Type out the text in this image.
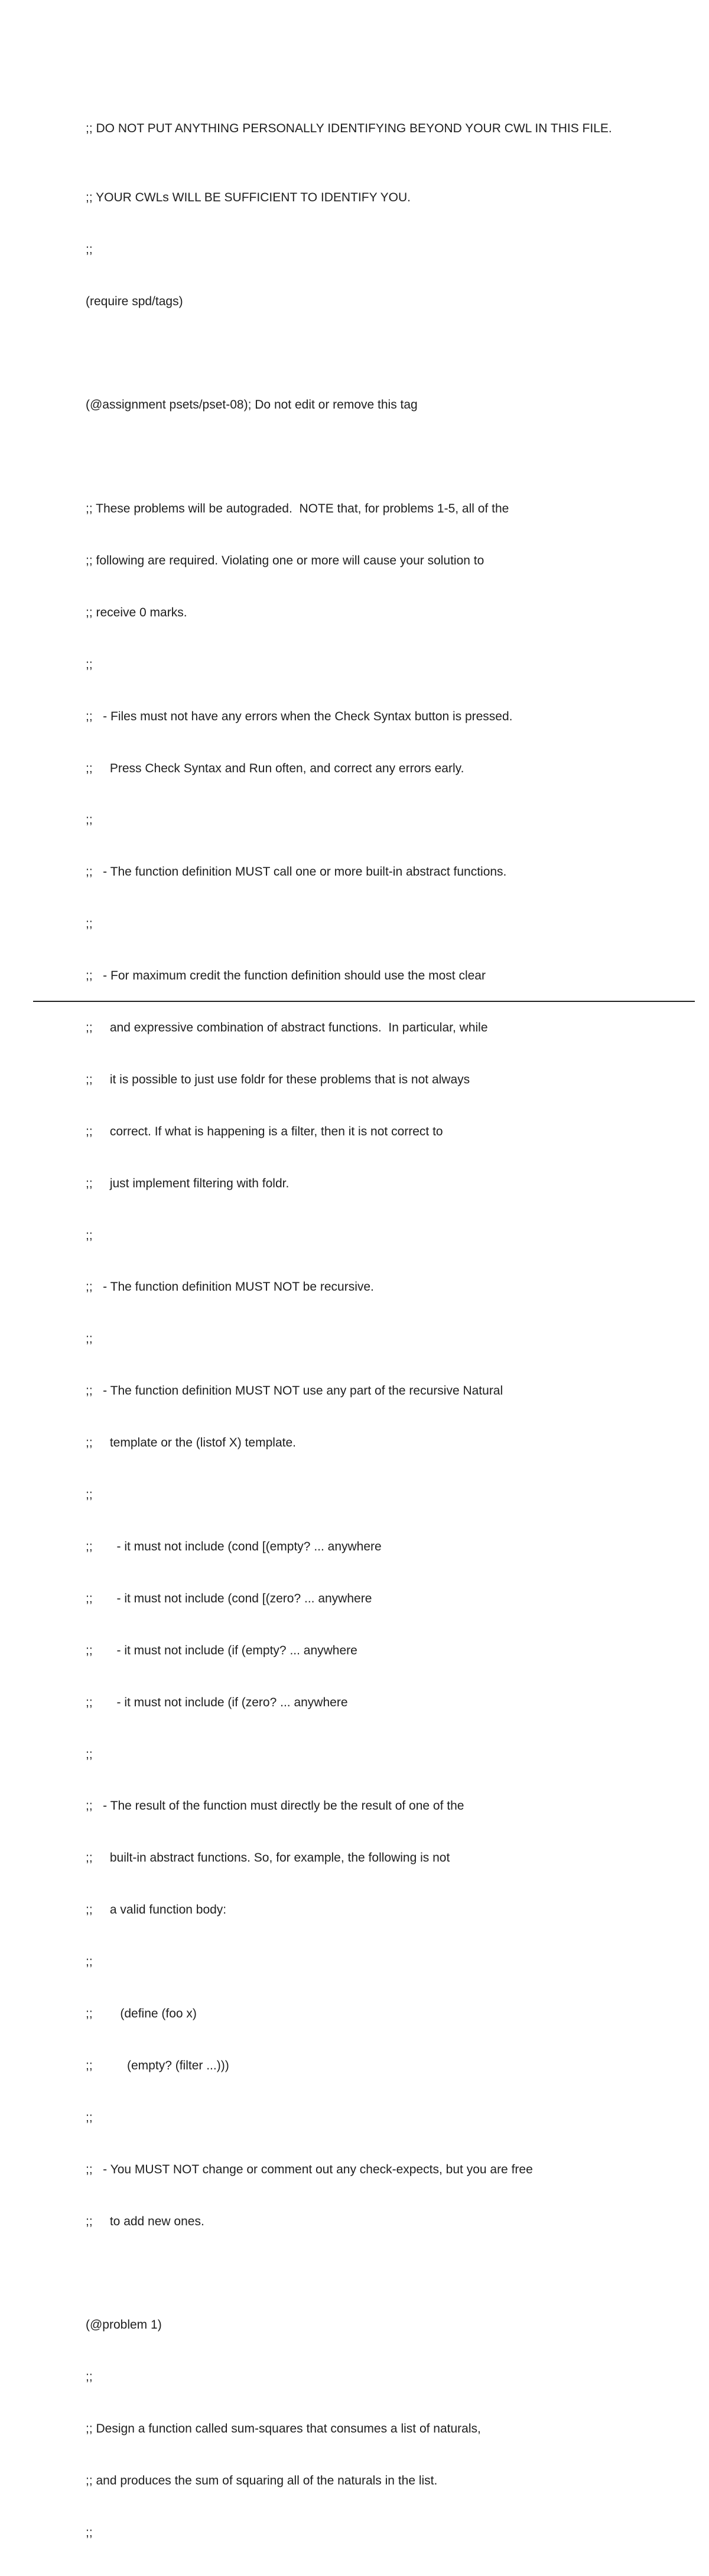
;; DO NOT PUT ANYTHING PERSONALLY IDENTIFYING BEYOND YOUR CWL IN THIS FILE.

;; YOUR CWLs WILL BE SUFFICIENT TO IDENTIFY YOU.

;;

(require spd/tags)

(@assignment psets/pset-08); Do not edit or remove this tag

;; These problems will be autograded.  NOTE that, for problems 1-5, all of the

;; following are required. Violating one or more will cause your solution to

;; receive 0 marks.

;;

;;   - Files must not have any errors when the Check Syntax button is pressed.

;;     Press Check Syntax and Run often, and correct any errors early.

;;

;;   - The function definition MUST call one or more built-in abstract functions.

;;

;;   - For maximum credit the function definition should use the most clear

;;     and expressive combination of abstract functions.  In particular, while

;;     it is possible to just use foldr for these problems that is not always

;;     correct. If what is happening is a filter, then it is not correct to

;;     just implement filtering with foldr.

;;

;;   - The function definition MUST NOT be recursive.

;;

;;   - The function definition MUST NOT use any part of the recursive Natural

;;     template or the (listof X) template.

;;

;;       - it must not include (cond [(empty? ... anywhere

;;       - it must not include (cond [(zero? ... anywhere

;;       - it must not include (if (empty? ... anywhere

;;       - it must not include (if (zero? ... anywhere

;;

;;   - The result of the function must directly be the result of one of the

;;     built-in abstract functions. So, for example, the following is not

;;     a valid function body:

;;

;;        (define (foo x)

;;          (empty? (filter ...)))

;;

;;   - You MUST NOT change or comment out any check-expects, but you are free

;;     to add new ones.

(@problem 1)

;;

;; Design a function called sum-squares that consumes a list of naturals,

;; and produces the sum of squaring all of the naturals in the list.

;;
